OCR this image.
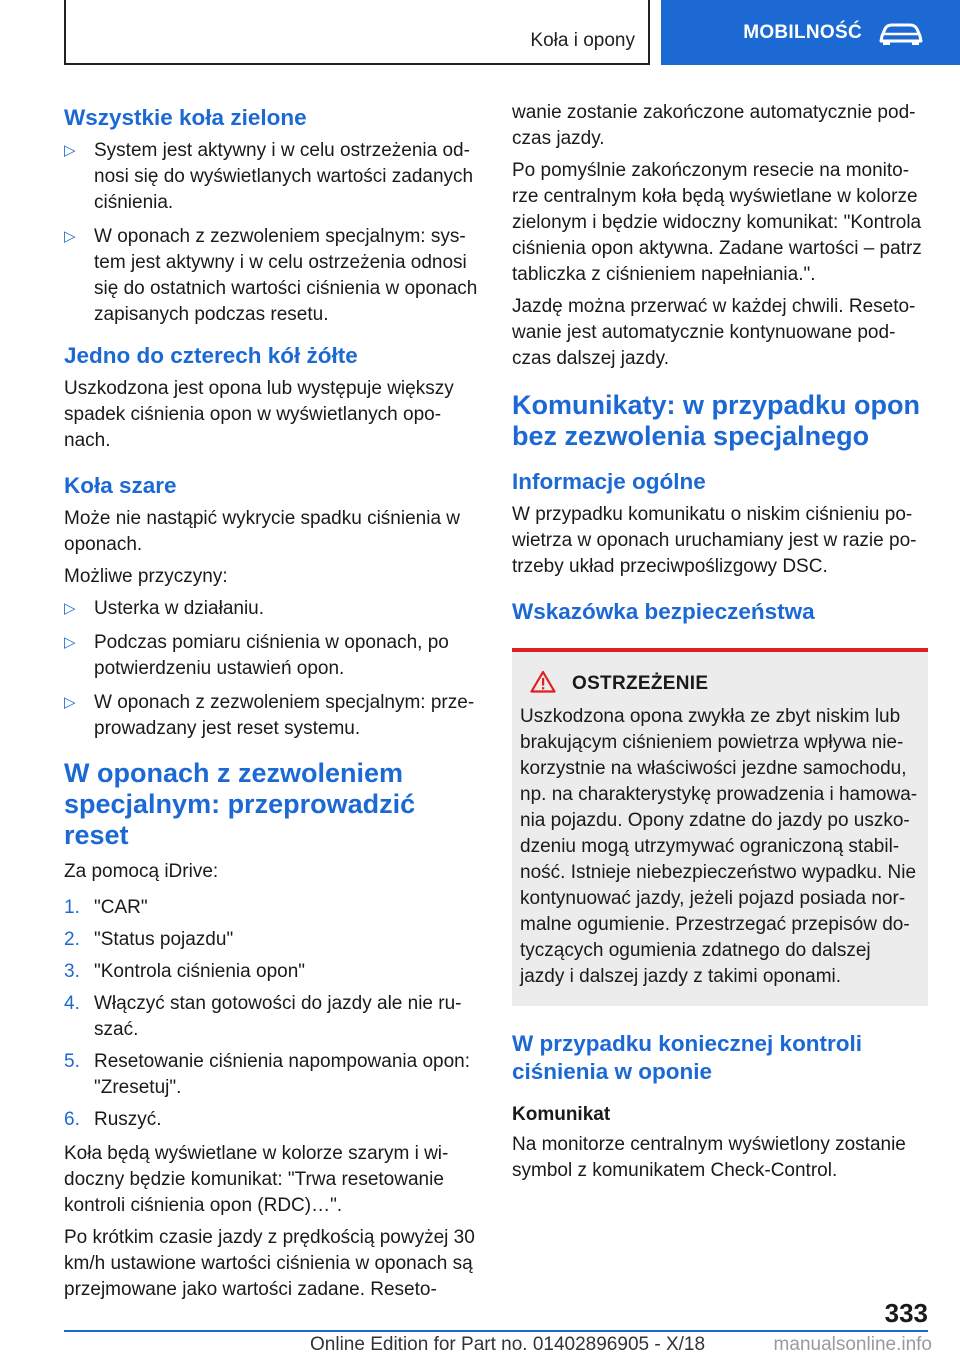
Koła i opony	MOBILNOŚĆ
Wszystkie koła zielone
▷ System jest aktywny i w celu ostrzeżenia od-nosi się do wyświetlanych wartości zadanych ciśnienia.
▷ W oponach z zezwoleniem specjalnym: sys-tem jest aktywny i w celu ostrzeżenia odnosi się do ostatnich wartości ciśnienia w oponach zapisanych podczas resetu.
Jedno do czterech kół żółte

Uszkodzona jest opona lub występuje większy spadek ciśnienia opon w wyświetlanych opo-nach.

Koła szare

Może nie nastąpić wykrycie spadku ciśnienia w oponach.

Możliwe przyczyny:

▷ Usterka w działaniu.
▷ Podczas pomiaru ciśnienia w oponach, po potwierdzeniu ustawień opon.
▷ W oponach z zezwoleniem specjalnym: prze-prowadzany jest reset systemu.
W oponach z zezwoleniem specjalnym: przeprowadzić reset

Za pomocą iDrive:

1. "CAR"
2. "Status pojazdu"
3. "Kontrola ciśnienia opon"
4. Włączyć stan gotowości do jazdy ale nie ru-szać.
5. Resetowanie ciśnienia napompowania opon: "Zresetuj".
6. Ruszyć.

Koła będą wyświetlane w kolorze szarym i wi-doczny będzie komunikat: "Trwa resetowanie kontroli ciśnienia opon (RDC)…".

Po krótkim czasie jazdy z prędkością powyżej 30 km/h ustawione wartości ciśnienia w oponach są przejmowane jako wartości zadane. Reseto-

wanie zostanie zakończone automatycznie pod-czas jazdy.

Po pomyślnie zakończonym resecie na monito-rze centralnym koła będą wyświetlane w kolorze zielonym i będzie widoczny komunikat: "Kontrola ciśnienia opon aktywna. Zadane wartości – patrz tabliczka z ciśnieniem napełniania.".

Jazdę można przerwać w każdej chwili. Reseto-wanie jest automatycznie kontynuowane pod-czas dalszej jazdy.

Komunikaty: w przypadku opon bez zezwolenia specjalnego
Informacje ogólne

W przypadku komunikatu o niskim ciśnieniu po-wietrza w oponach uruchamiany jest w razie po-trzeby układ przeciwpoślizgowy DSC.

Wskazówka bezpieczeństwa
OSTRZEŻENIE

Uszkodzona opona zwykła ze zbyt niskim lub brakującym ciśnieniem powietrza wpływa nie-korzystnie na właściwości jezdne samochodu, np. na charakterystykę prowadzenia i hamowa-nia pojazdu. Opony zdatne do jazdy po uszko-dzeniu mogą utrzymywać ograniczoną stabil-ność. Istnieje niebezpieczeństwo wypadku. Nie kontynuować jazdy, jeżeli pojazd posiada nor-malne ogumienie. Przestrzegać przepisów do-tyczących ogumienia zdatnego do dalszej jazdy i dalszej jazdy z takimi oponami.

W przypadku koniecznej kontroli ciśnienia w oponie
Komunikat

Na monitorze centralnym wyświetlony zostanie symbol z komunikatem Check-Control.

333
Online Edition for Part no. 01402896905 - X/18	manualsonline.info
